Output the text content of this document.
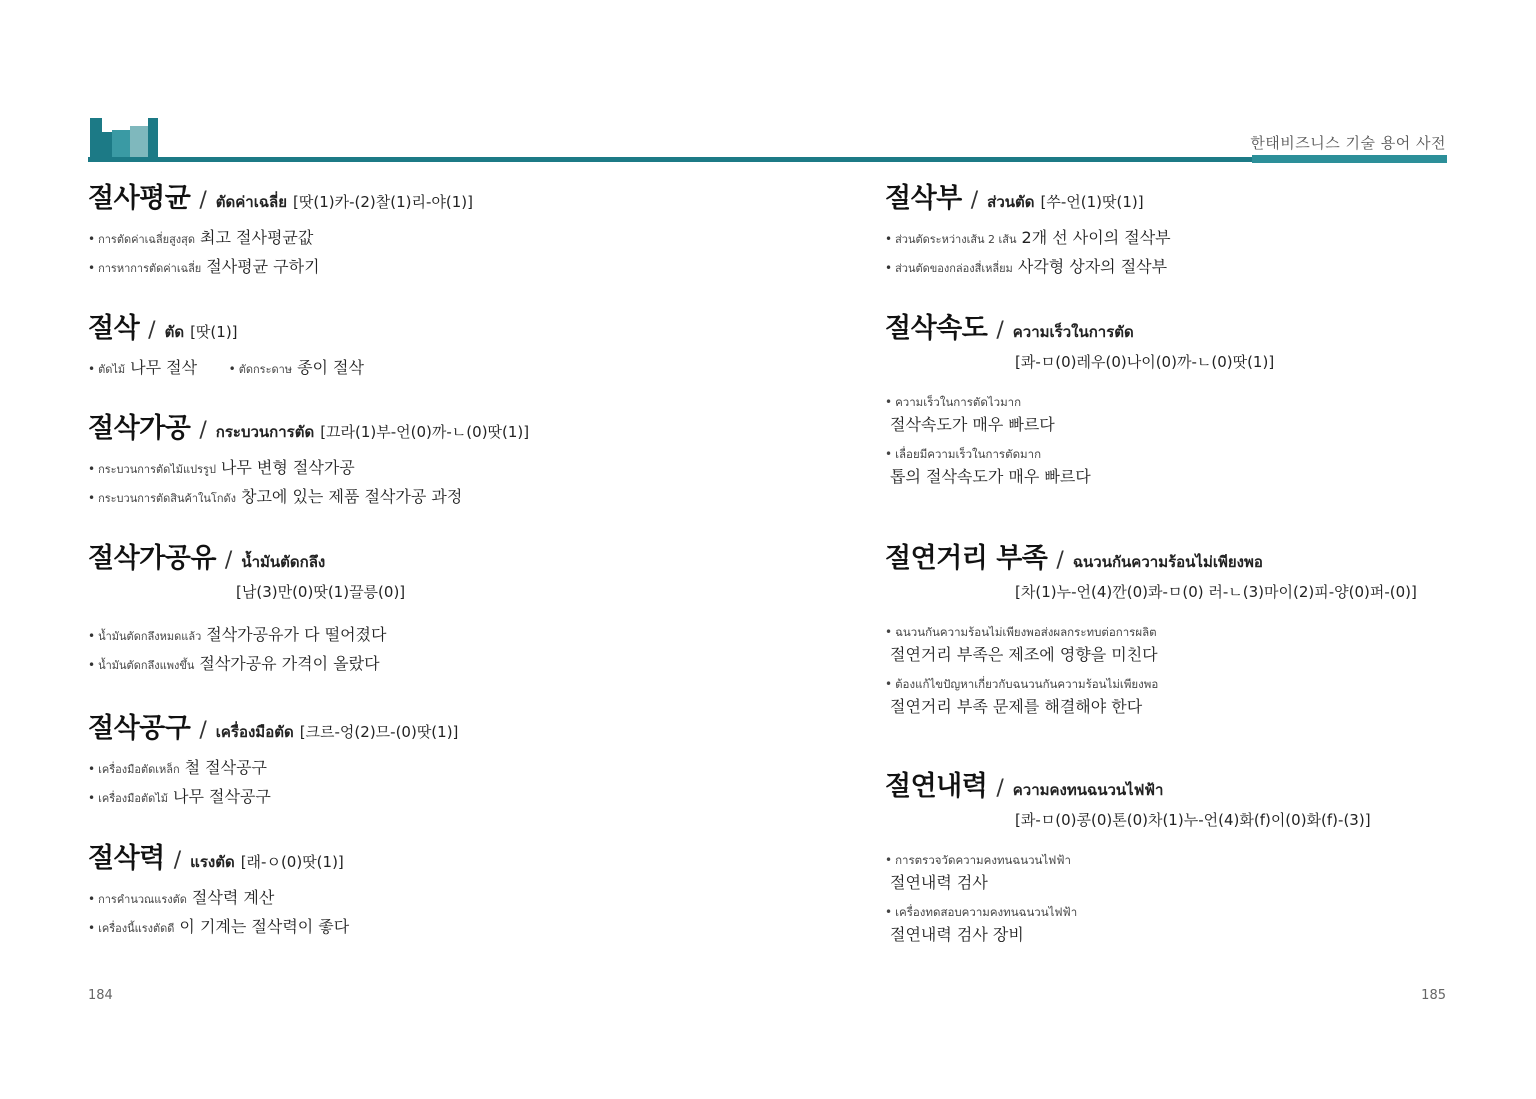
한태비즈니스 기술 용어 사전
절사평균 / ตัดค่าเฉลี่ย [땃(1)카-(2)찰(1)리-야(1)]
• การตัดค่าเฉลี่ยสูงสุด 최고 절사평균값
• การหาการตัดค่าเฉลี่ย 절사평균 구하기
절삭 / ตัด [땃(1)]
• ตัดไม้ 나무 절삭	• ตัดกระดาษ 종이 절삭
절삭가공 / กระบวนการตัด [끄라(1)부-언(0)까-ㄴ(0)땃(1)]
• กระบวนการตัดไม้แปรรูป 나무 변형 절삭가공
• กระบวนการตัดสินค้าในโกดัง 창고에 있는 제품 절삭가공 과정
절삭가공유 / น้ำมันตัดกลึง
[남(3)만(0)땃(1)끌릉(0)]
• น้ำมันตัดกลึงหมดแล้ว 절삭가공유가 다 떨어졌다
• น้ำมันตัดกลึงแพงขึ้น 절삭가공유 가격이 올랐다
절삭공구 / เครื่องมือตัด [크르-엉(2)므-(0)땃(1)]
• เครื่องมือตัดเหล็ก 철 절삭공구
• เครื่องมือตัดไม้ 나무 절삭공구
절삭력 / แรงตัด [래-ㅇ(0)땃(1)]
• การคำนวณแรงตัด 절삭력 계산
• เครื่องนี้แรงตัดดี 이 기계는 절삭력이 좋다
절삭부 / ส่วนตัด [쑤-언(1)땃(1)]
• ส่วนตัดระหว่างเส้น 2 เส้น 2개 선 사이의 절삭부
• ส่วนตัดของกล่องสี่เหลี่ยม 사각형 상자의 절삭부
절삭속도 / ความเร็วในการตัด
[콰-ㅁ(0)레우(0)나이(0)까-ㄴ(0)땃(1)]
• ความเร็วในการตัดไวมาก
절삭속도가 매우 빠르다
• เลื่อยมีความเร็วในการตัดมาก
톱의 절삭속도가 매우 빠르다
절연거리 부족 / ฉนวนกันความร้อนไม่เพียงพอ
[차(1)누-언(4)깐(0)콰-ㅁ(0) 러-ㄴ(3)마이(2)피-양(0)퍼-(0)]
• ฉนวนกันความร้อนไม่เพียงพอส่งผลกระทบต่อการผลิต
절연거리 부족은 제조에 영향을 미친다
• ต้องแก้ไขปัญหาเกี่ยวกับฉนวนกันความร้อนไม่เพียงพอ
절연거리 부족 문제를 해결해야 한다
절연내력 / ความคงทนฉนวนไฟฟ้า
[콰-ㅁ(0)콩(0)톤(0)차(1)누-언(4)화(f)이(0)화(f)-(3)]
• การตรวจวัดความคงทนฉนวนไฟฟ้า
절연내력 검사
• เครื่องทดสอบความคงทนฉนวนไฟฟ้า
절연내력 검사 장비
184	185
